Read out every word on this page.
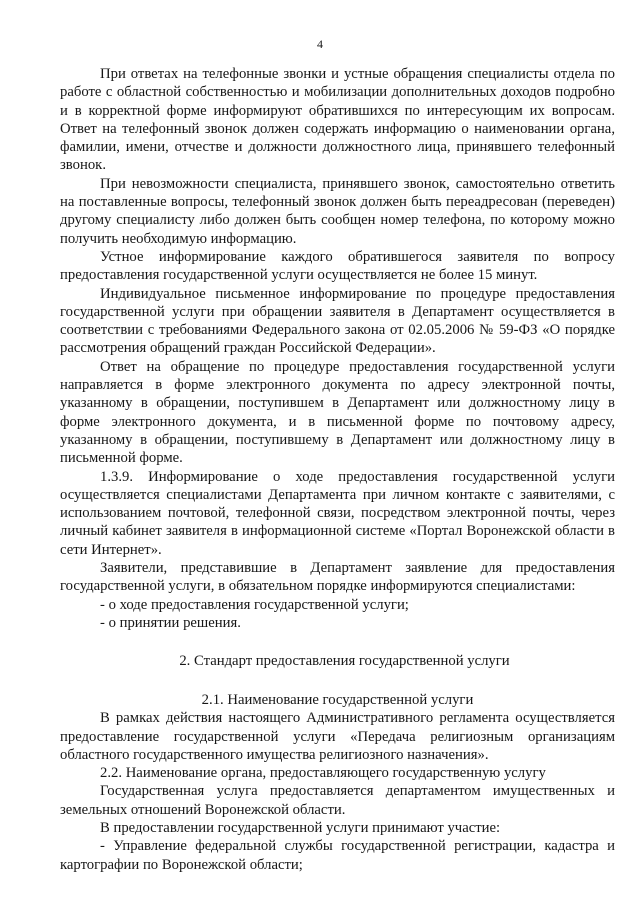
4

При ответах на телефонные звонки и устные обращения специалисты отдела по работе с областной собственностью и мобилизации дополнительных доходов подробно и в корректной форме информируют обратившихся по интересующим их вопросам. Ответ на телефонный звонок должен содержать информацию о наименовании органа, фамилии, имени, отчестве и должности должностного лица, принявшего телефонный звонок.

При невозможности специалиста, принявшего звонок, самостоятельно ответить на поставленные вопросы, телефонный звонок должен быть переадресован (переведен) другому специалисту либо должен быть сообщен номер телефона, по которому можно получить необходимую информацию.

Устное информирование каждого обратившегося заявителя по вопросу предоставления государственной услуги осуществляется не более 15 минут.

Индивидуальное письменное информирование по процедуре предоставления государственной услуги при обращении заявителя в Департамент осуществляется в соответствии с требованиями Федерального закона от 02.05.2006 № 59-ФЗ «О порядке рассмотрения обращений граждан Российской Федерации».

Ответ на обращение по процедуре предоставления государственной услуги направляется в форме электронного документа по адресу электронной почты, указанному в обращении, поступившем в Департамент или должностному лицу в форме электронного документа, и в письменной форме по почтовому адресу, указанному в обращении, поступившему в Департамент или должностному лицу в письменной форме.

1.3.9. Информирование о ходе предоставления государственной услуги осуществляется специалистами Департамента при личном контакте с заявителями, с использованием почтовой, телефонной связи, посредством электронной почты, через личный кабинет заявителя в информационной системе «Портал Воронежской области в сети Интернет».

Заявители, представившие в Департамент заявление для предоставления государственной услуги, в обязательном порядке информируются специалистами:

- о ходе предоставления государственной услуги;

- о принятии решения.

2. Стандарт предоставления государственной услуги
2.1. Наименование государственной услуги

В рамках действия настоящего Административного регламента осуществляется предоставление государственной услуги «Передача религиозным организациям областного государственного имущества религиозного назначения».

2.2. Наименование органа, предоставляющего государственную услугу

Государственная услуга предоставляется департаментом имущественных и земельных отношений Воронежской области.

В предоставлении государственной услуги принимают участие:

- Управление федеральной службы государственной регистрации, кадастра и картографии по Воронежской области;
